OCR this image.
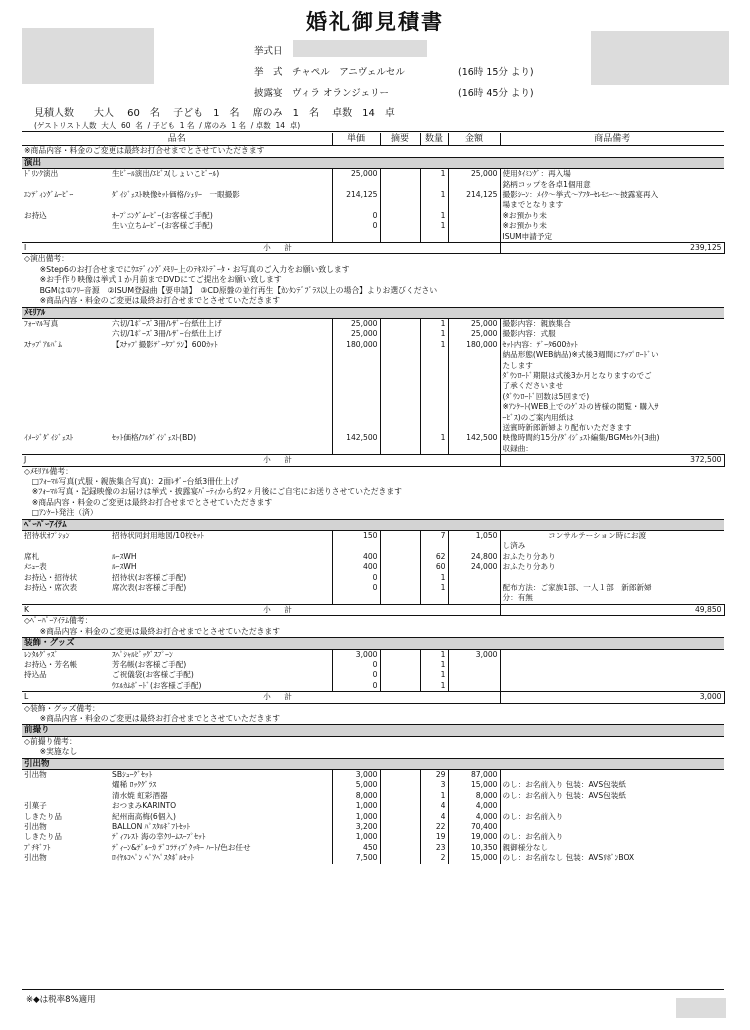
婚礼御見積書
挙式日
挙　式 チャペル　アニヴェルセル	(16時 15分 より)
披露宴 ヴィラ オランジェリー	(16時 45分 より)
見積人数　　大人　 60　名　 子ども　1　名　 席のみ　1　名　 卓数　14　卓
(ゲストリスト人数  大人  60  名  / 子ども  1 名  / 席のみ  1 名  / 卓数  14  卓)
品名		単価	摘要	数量	金額	商品備考	
※商品内容・料金のご変更は最終お打合せまでとさせていただきます							
演出							
ﾄﾞﾘﾝｸ演出	生ﾋﾞｰﾙ演出/ｴﾋﾞｽ(しょいこﾋﾞｰﾙ)	25,000		1	25,000	使用ﾀｲﾐﾝｸﾞ：再入場	
						銘柄コップを各卓1個用意	
ｴﾝﾃﾞｨﾝｸﾞﾑｰﾋﾞｰ	ﾀﾞｲｼﾞｪｽﾄ映像ｾｯﾄ価格/ｼｪﾘｰ　一眼撮影	214,125		1	214,125	撮影ｼｰﾝ：ﾒｲｸ～挙式～ｱﾌﾀｰｾﾚﾓﾆｰ～披露宴再入	
						場までとなります	
お持込	ｵｰﾌﾟﾆﾝｸﾞﾑｰﾋﾞｰ(お客様ご手配)	0		1		※お預かり未	
	生い立ちﾑｰﾋﾞｰ(お客様ご手配)	0		1		※お預かり未	
						ISUM申請予定	
I	小　計					239,125	
◇演出備考：							
　　※Step6のお打合せまでにｳｴﾃﾞｨﾝｸﾞﾒﾓﾘｰ上のﾃｷｽﾄﾃﾞｰﾀ・お写真のご入力をお願い致します							
　　※お手作り映像は挙式１か月前までDVDにてご提出をお願い致します							
　　BGMは①ﾌﾘｰ音源　②ISUM登録曲【要申請】　③CD原盤の並行再生【ｶﾝﾀﾝﾃﾞﾌﾞﾗｽ以上の場合】よりお選びください							
　　※商品内容・料金のご変更は最終お打合せまでとさせていただきます							
ﾒﾓﾘｱﾙ							
ﾌｫｰﾏﾙ写真	六切/1ﾎﾟｰｽﾞ3冊/ﾚｻﾞｰ台紙仕上げ	25,000		1	25,000	撮影内容：親族集合	
	六切/1ﾎﾟｰｽﾞ3冊/ﾚｻﾞｰ台紙仕上げ	25,000		1	25,000	撮影内容：式服	
ｽﾅｯﾌﾟｱﾙﾊﾞﾑ	【ｽﾅｯﾌﾟ撮影ﾃﾞｰﾀﾌﾟﾗﾝ】600ｶｯﾄ	180,000		1	180,000	ｾｯﾄ内容：ﾃﾞｰﾀ600ｶｯﾄ	
						納品形態(WEB納品)※式後3週間にｱｯﾌﾟﾛｰﾄﾞい	
						たします	
						ﾀﾞｳﾝﾛｰﾄﾞ期限は式後3か月となりますのでご	
						了承くださいませ	
						(ﾀﾞｳﾝﾛｰﾄﾞ回数は5回まで)	
						※ｱﾝｹｰﾄ(WEB上でのｹﾞｽﾄの皆様の閲覧・購入ｻ	
						ｰﾋﾞｽ)のご案内用紙は	
						送賓時新郎新婦より配布いただきます	
ｲﾒｰｼﾞﾀﾞｲｼﾞｪｽﾄ	ｾｯﾄ価格/ﾌﾙﾀﾞｲｼﾞｪｽﾄ(BD)	142,500		1	142,500	映像時間約15分/ﾀﾞｲｼﾞｪｽﾄ編集/BGMｾﾚｸﾄ(3曲)	
						収録曲：	
J	小　計					372,500	
◇ﾒﾓﾘｱﾙ備考：							
　□ﾌｫｰﾏﾙ写真(式服・親族集合写真)：2面ﾚｻﾞｰ台紙3冊仕上げ							
　※ﾌｫｰﾏﾙ写真・記録映像のお届けは挙式・披露宴ﾊﾟｰﾃｨから約2ヶ月後にご自宅にお送りさせていただきます							
　※商品内容・料金のご変更は最終お打合せまでとさせていただきます							
　□ｱﾝｹｰﾄ発注（済）							

ﾍﾟｰﾊﾟｰｱｲﾃﾑ							
招待状ｵﾌﾟｼｮﾝ	招待状同封用地図/10枚ｾｯﾄ	150		7	1,050	　　　　　　コンサルテーション時にお渡	
						し済み	
席札	ﾙｰｽWH	400		62	24,800	おふたり分あり	
ﾒﾆｭｰ表	ﾙｰｽWH	400		60	24,000	おふたり分あり	
お持込・招待状	招待状(お客様ご手配)	0		1			
お持込・席次表	席次表(お客様ご手配)	0		1		配布方法：ご家族1部、一人１部　新郎新婦	
						分：有無	
K	小　計					49,850	
◇ﾍﾟｰﾊﾟｰｱｲﾃﾑ備考：							
　　※商品内容・料金のご変更は最終お打合せまでとさせていただきます							
装飾・グッズ							
ﾚﾝﾀﾙｸﾞｯｽﾞ	ｽﾍﾟｼｬﾙﾋﾞｯｸﾞｽﾌﾟｰﾝ	3,000		1	3,000		
お持込・芳名帳	芳名帳(お客様ご手配)	0		1			
持込品	ご祝儀袋(お客様ご手配)	0		1			
	ｳｴﾙｶﾑﾎﾞｰﾄﾞ(お客様ご手配)	0		1			
L	小　計					3,000	
◇装飾・グッズ備考：							
　　※商品内容・料金のご変更は最終お打合せまでとさせていただきます							
前撮り							
◇前撮り備考：							
　　※実施なし							
引出物							
引出物	SBｼｭｰｸﾞｾｯﾄ	3,000		29	87,000		
	燿稀 ﾛｯｸｸﾞﾗｽ	5,000		3	15,000	のし：お名前入り 包装：AVS包装紙	
	清水焼 虹彩酒器	8,000		1	8,000	のし：お名前入り 包装：AVS包装紙	
引菓子	おつまみKARINTO	1,000		4	4,000		
しきたり品	紀州南高梅(6個入)	1,000		4	4,000	のし：お名前入り	
引出物	BALLON ﾊﾟｽﾀﾙｷﾞﾌﾄｾｯﾄ	3,200		22	70,400		
しきたり品	ﾃﾞｨﾌﾚｽﾄ 海の幸ｸﾘｰﾑｽｰﾌﾟｾｯﾄ	1,000		19	19,000	のし：お名前入り	
ﾌﾟﾁｷﾞﾌﾄ	ﾃﾞｨｰﾝ&ﾃﾞﾙｰｶ ﾃﾞｺﾗﾃｨﾌﾞｸｯｷｰ ﾊｰﾄ/色お任せ	450		23	10,350	親御様分なし	
引出物	ﾛｲﾔﾙｺﾍﾟﾝ ﾍﾟｱﾍﾟｽﾀﾎﾞﾙｾｯﾄ	7,500		2	15,000	のし：お名前なし 包装：AVSﾘﾎﾞﾝBOX	
※◆は税率8%適用
